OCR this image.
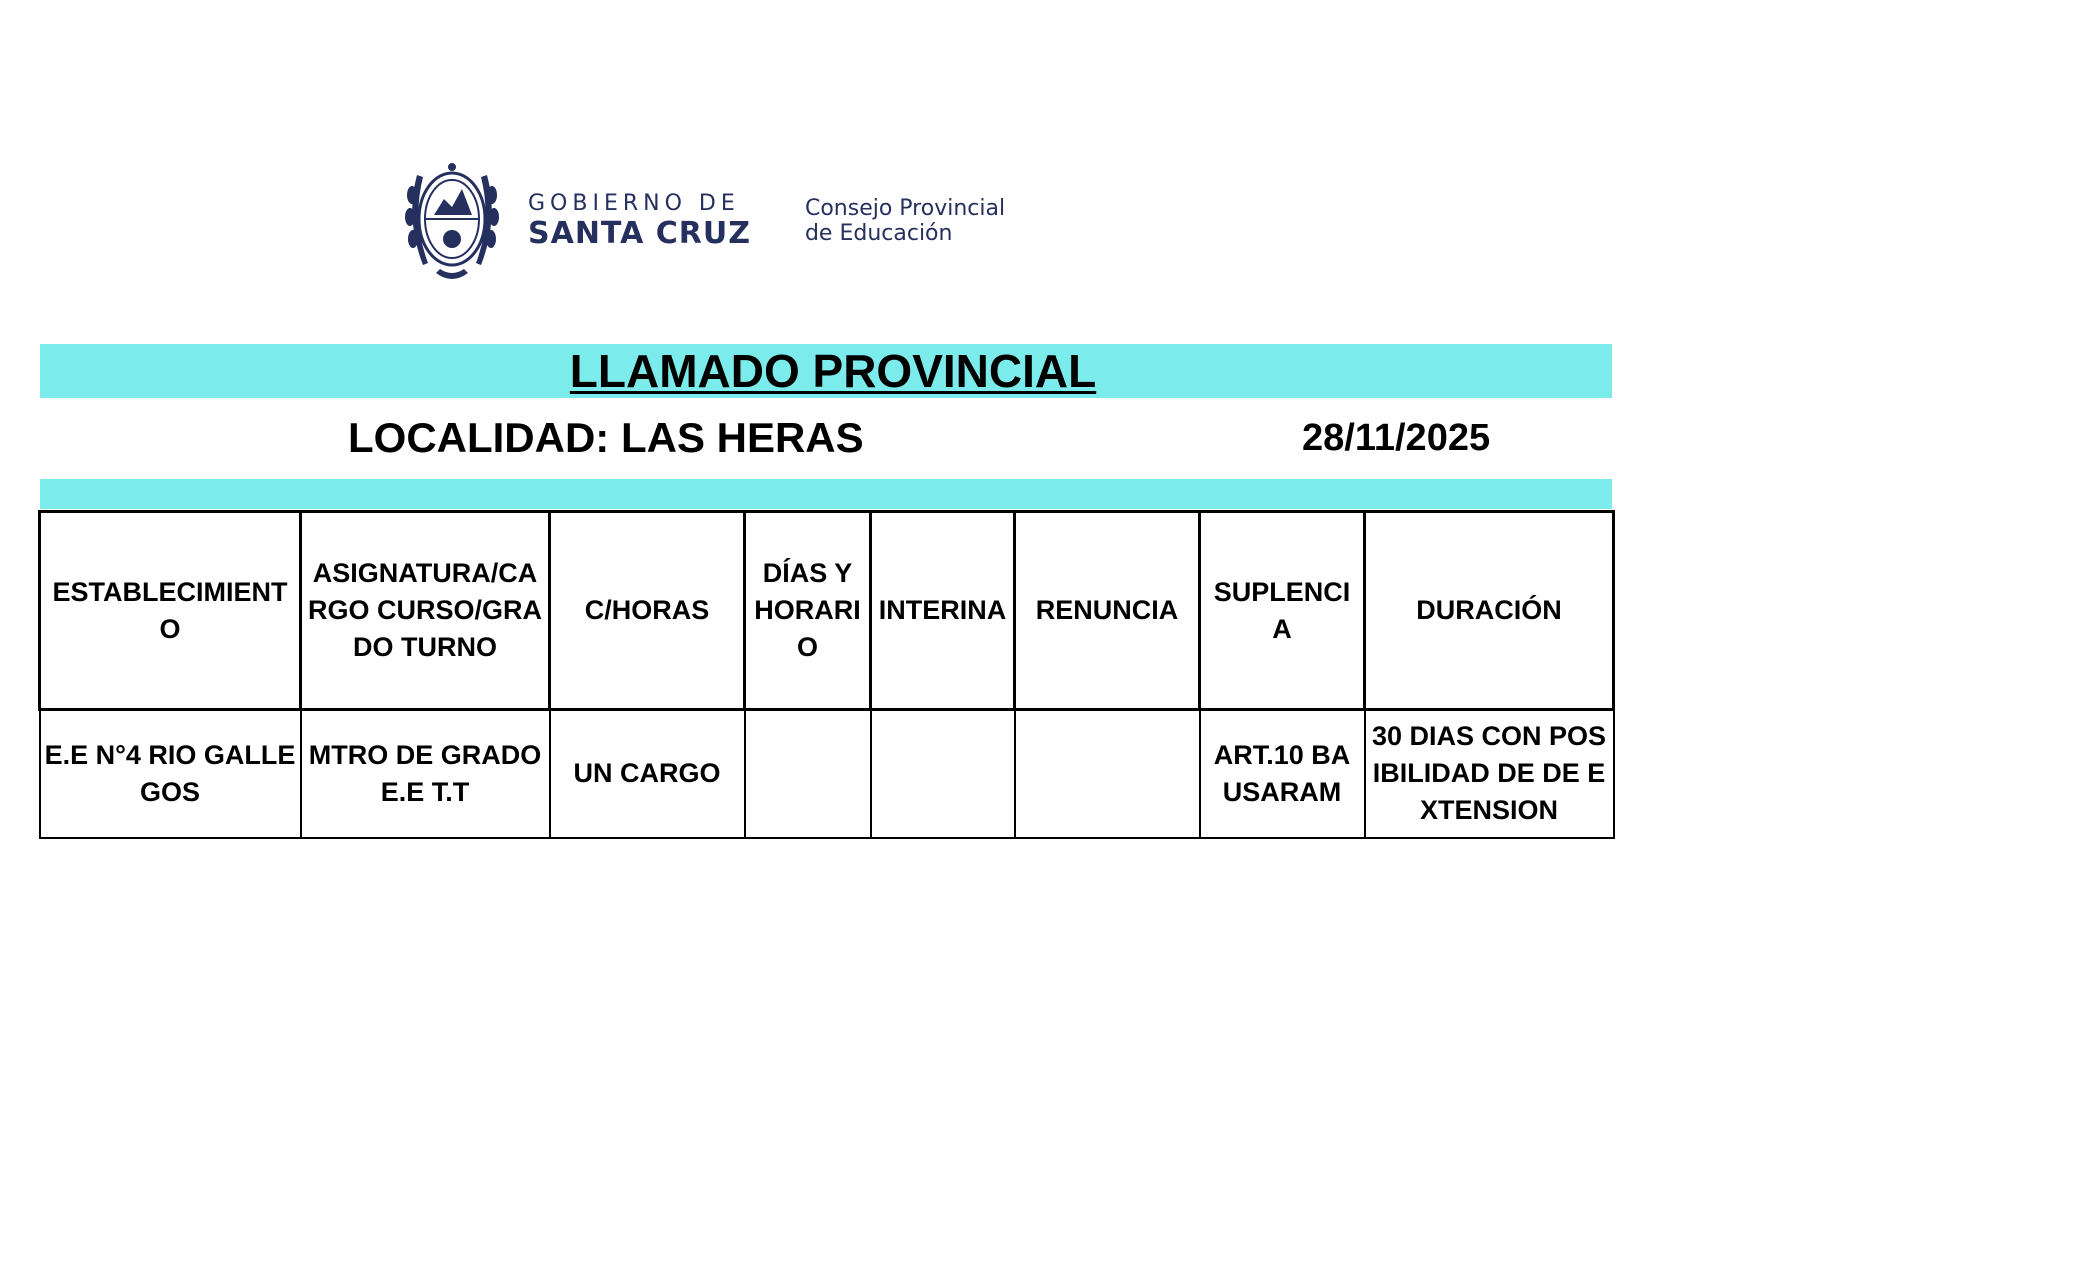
GOBIERNO DE
SANTA CRUZ
Consejo Provincial
de Educación
LLAMADO PROVINCIAL
LOCALIDAD: LAS HERAS	28/11/2025
ESTABLECIMIENTO	ASIGNATURA/CARGO CURSO/GRADO TURNO	C/HORAS	DÍAS Y HORARIO	INTERINA	RENUNCIA	SUPLENCIA	DURACIÓN
E.E N°4 RIO GALLEGOS	MTRO DE GRADO E.E T.T	UN CARGO				ART.10 BAUSARAM	30 DIAS CON POSIBILIDAD DE DE EXTENSION
